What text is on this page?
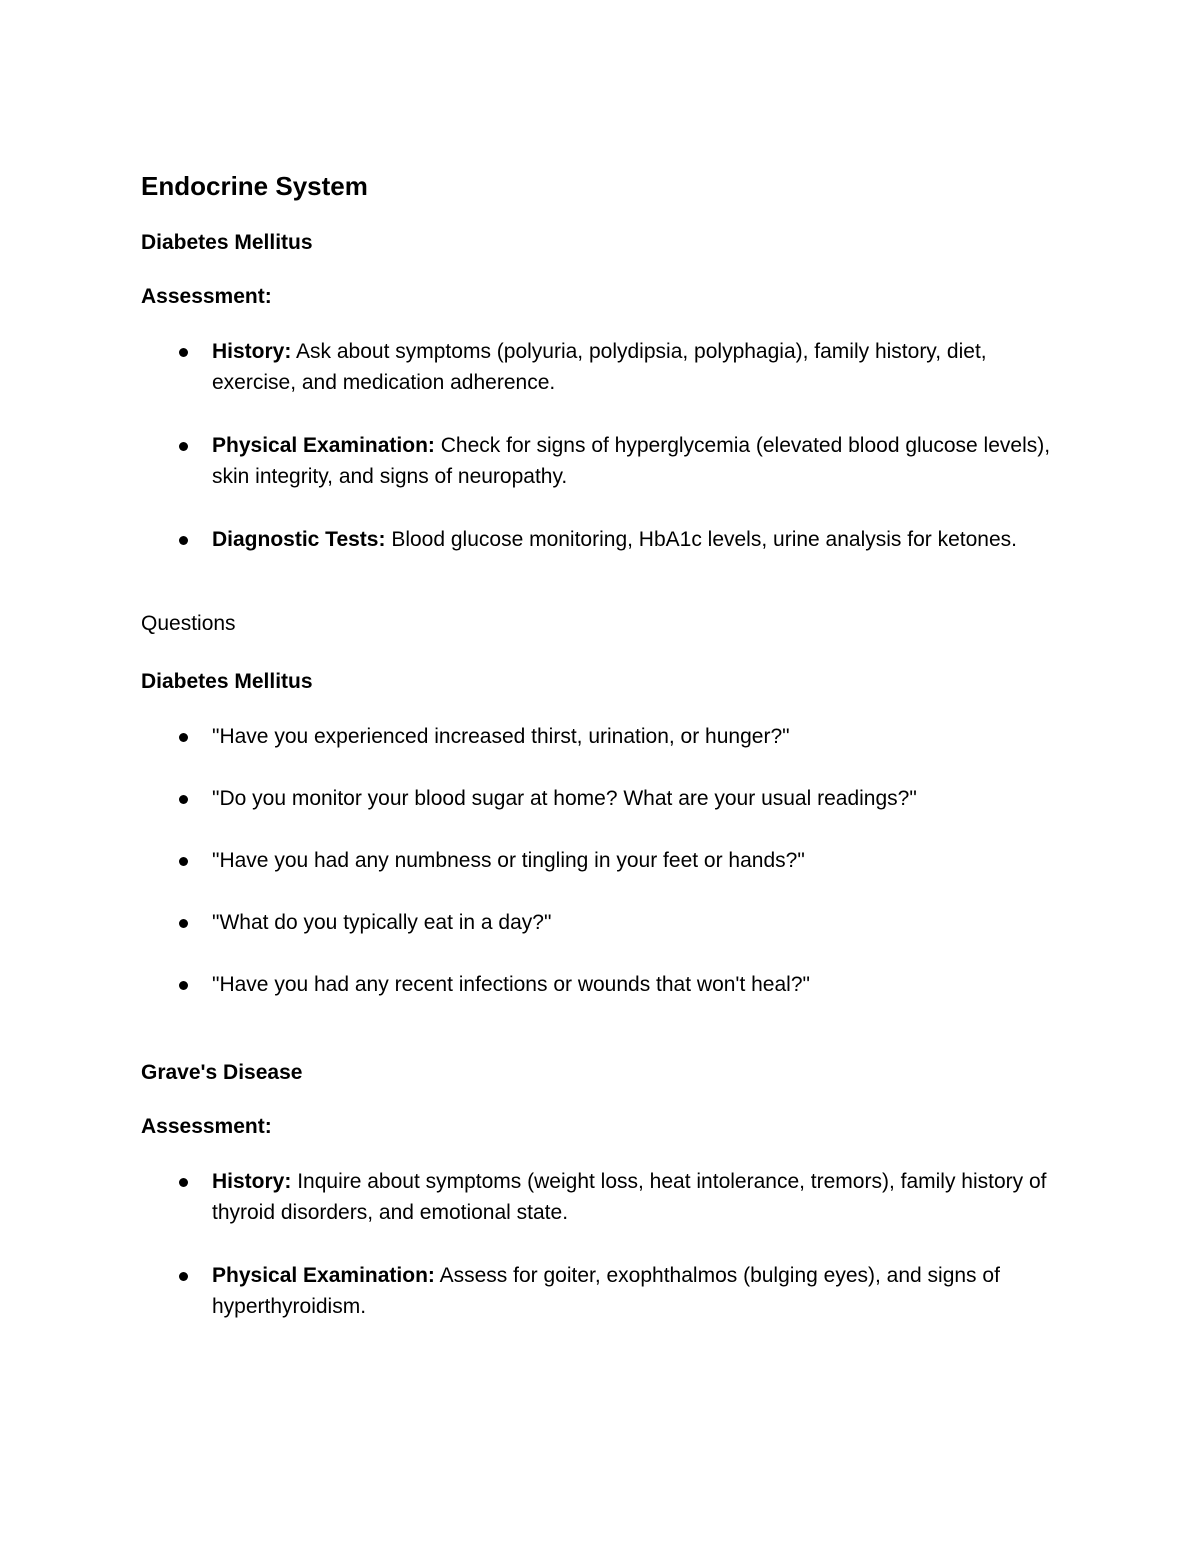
Endocrine System
Diabetes Mellitus
Assessment:
History: Ask about symptoms (polyuria, polydipsia, polyphagia), family history, diet, exercise, and medication adherence.
Physical Examination: Check for signs of hyperglycemia (elevated blood glucose levels), skin integrity, and signs of neuropathy.
Diagnostic Tests: Blood glucose monitoring, HbA1c levels, urine analysis for ketones.
Questions
Diabetes Mellitus
"Have you experienced increased thirst, urination, or hunger?"
"Do you monitor your blood sugar at home? What are your usual readings?"
"Have you had any numbness or tingling in your feet or hands?"
"What do you typically eat in a day?"
"Have you had any recent infections or wounds that won't heal?"
Grave's Disease
Assessment:
History: Inquire about symptoms (weight loss, heat intolerance, tremors), family history of thyroid disorders, and emotional state.
Physical Examination: Assess for goiter, exophthalmos (bulging eyes), and signs of hyperthyroidism.
